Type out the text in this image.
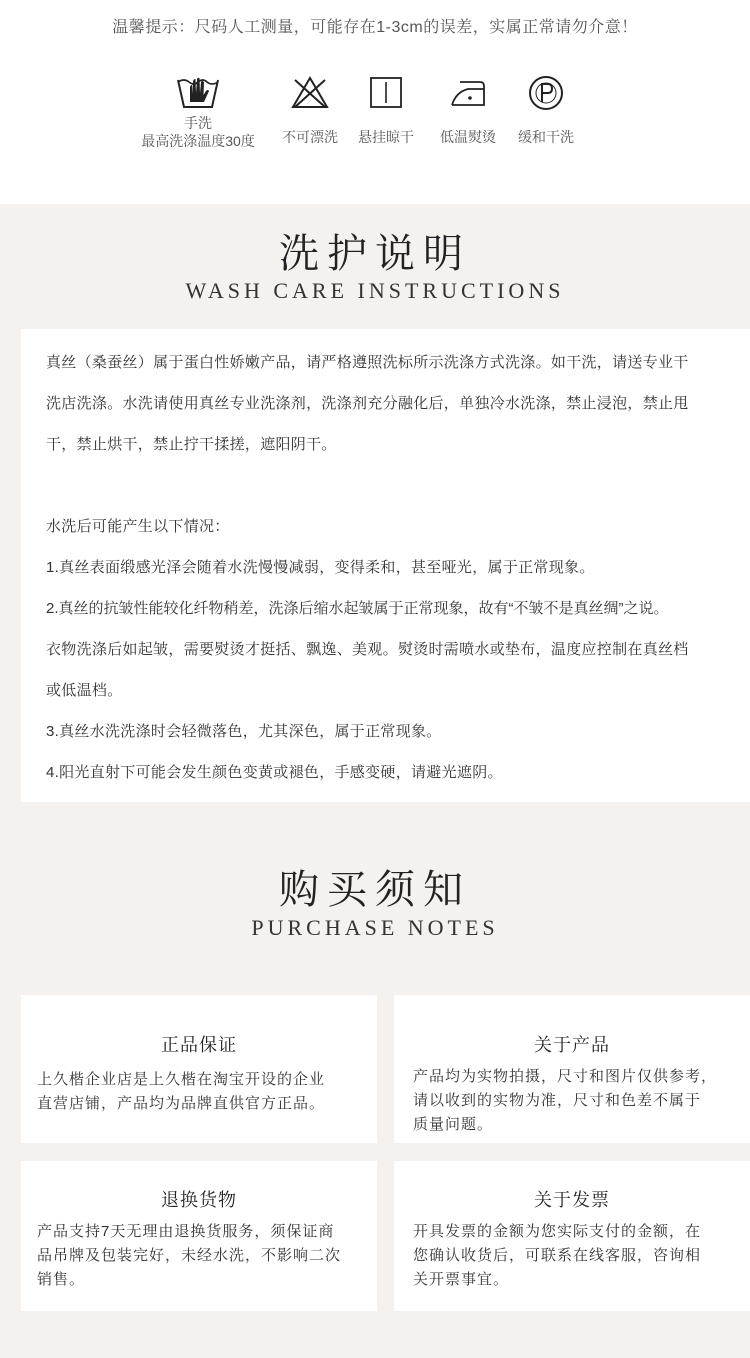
温馨提示：尺码人工测量，可能存在1-3cm的误差，实属正常请勿介意！
手洗
最高洗涤温度30度	不可漂洗	悬挂晾干	低温熨烫	缓和干洗
洗护说明
WASH CARE INSTRUCTIONS
真丝（桑蚕丝）属于蛋白性娇嫩产品，请严格遵照洗标所示洗涤方式洗涤。如干洗，请送专业干
洗店洗涤。水洗请使用真丝专业洗涤剂，洗涤剂充分融化后，单独冷水洗涤，禁止浸泡，禁止甩
干，禁止烘干，禁止拧干揉搓，遮阳阴干。
水洗后可能产生以下情况：
1.真丝表面缎感光泽会随着水洗慢慢减弱，变得柔和，甚至哑光，属于正常现象。
2.真丝的抗皱性能较化纤物稍差，洗涤后缩水起皱属于正常现象，故有“不皱不是真丝绸”之说。
衣物洗涤后如起皱，需要熨烫才挺括、飘逸、美观。熨烫时需喷水或垫布，温度应控制在真丝档
或低温档。
3.真丝水洗洗涤时会轻微落色，尤其深色，属于正常现象。
4.阳光直射下可能会发生颜色变黄或褪色，手感变硬，请避光遮阴。
购买须知
PURCHASE NOTES
正品保证
上久楷企业店是上久楷在淘宝开设的企业
直营店铺，产品均为品牌直供官方正品。
关于产品
产品均为实物拍摄，尺寸和图片仅供参考，
请以收到的实物为准，尺寸和色差不属于
质量问题。
退换货物
产品支持7天无理由退换货服务，须保证商
品吊牌及包装完好，未经水洗，不影响二次
销售。
关于发票
开具发票的金额为您实际支付的金额，在
您确认收货后，可联系在线客服，咨询相
关开票事宜。
